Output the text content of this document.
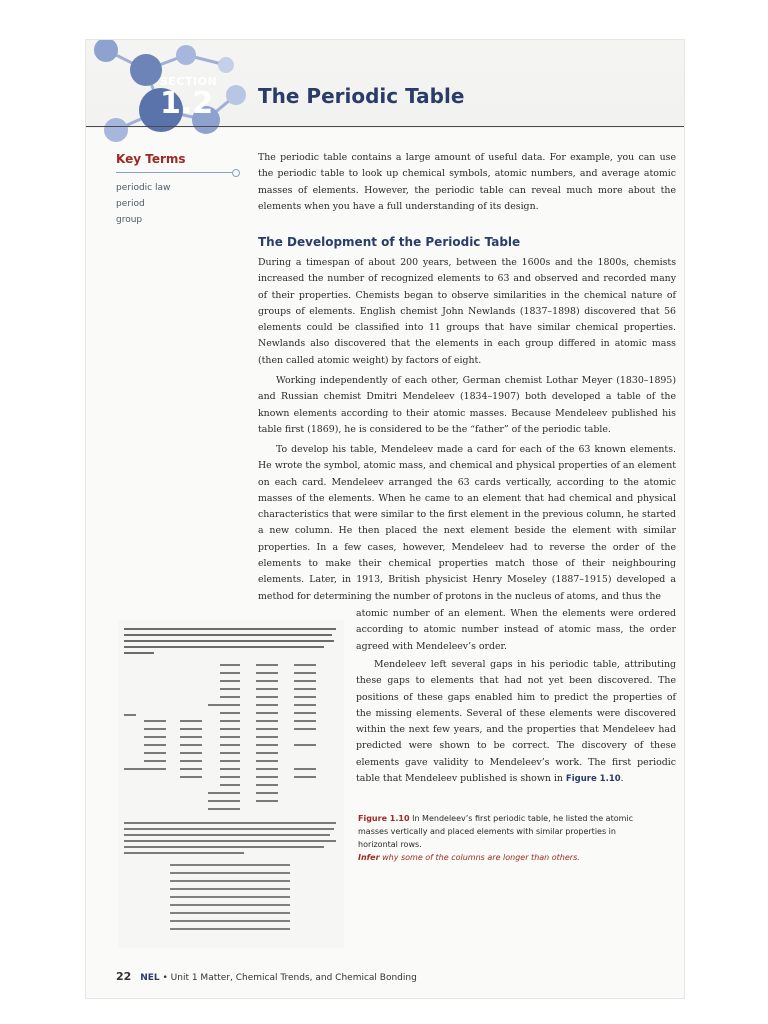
SECTION
1.2 The Periodic Table
Key Terms
periodic law
period
group

The periodic table contains a large amount of useful data. For example, you can use the periodic table to look up chemical symbols, atomic numbers, and average atomic masses of elements. However, the periodic table can reveal much more about the elements when you have a full understanding of its design.

The Development of the Periodic Table

During a timespan of about 200 years, between the 1600s and the 1800s, chemists increased the number of recognized elements to 63 and observed and recorded many of their properties. Chemists began to observe similarities in the chemical nature of groups of elements. English chemist John Newlands (1837–1898) discovered that 56 elements could be classified into 11 groups that have similar chemical properties. Newlands also discovered that the elements in each group differed in atomic mass (then called atomic weight) by factors of eight.

Working independently of each other, German chemist Lothar Meyer (1830–1895) and Russian chemist Dmitri Mendeleev (1834–1907) both developed a table of the known elements according to their atomic masses. Because Mendeleev published his table first (1869), he is considered to be the “father” of the periodic table.

To develop his table, Mendeleev made a card for each of the 63 known elements. He wrote the symbol, atomic mass, and chemical and physical properties of an element on each card. Mendeleev arranged the 63 cards vertically, according to the atomic masses of the elements. When he came to an element that had chemical and physical characteristics that were similar to the first element in the previous column, he started a new column. He then placed the next element beside the element with similar properties. In a few cases, however, Mendeleev had to reverse the order of the elements to make their chemical properties match those of their neighbouring elements. Later, in 1913, British physicist Henry Moseley (1887–1915) developed a method for determining the number of protons in the nucleus of atoms, and thus the

atomic number of an element. When the elements were ordered according to atomic number instead of atomic mass, the order agreed with Mendeleev’s order.

Mendeleev left several gaps in his periodic table, attributing these gaps to elements that had not yet been discovered. The positions of these gaps enabled him to predict the properties of the missing elements. Several of these elements were discovered within the next few years, and the properties that Mendeleev had predicted were shown to be correct. The discovery of these elements gave validity to Mendeleev’s work. The first periodic table that Mendeleev published is shown in Figure 1.10.

Figure 1.10 In Mendeleev’s first periodic table, he listed the atomic masses vertically and placed elements with similar properties in horizontal rows.
Infer why some of the columns are longer than others.
22 NEL • Unit 1 Matter, Chemical Trends, and Chemical Bonding
